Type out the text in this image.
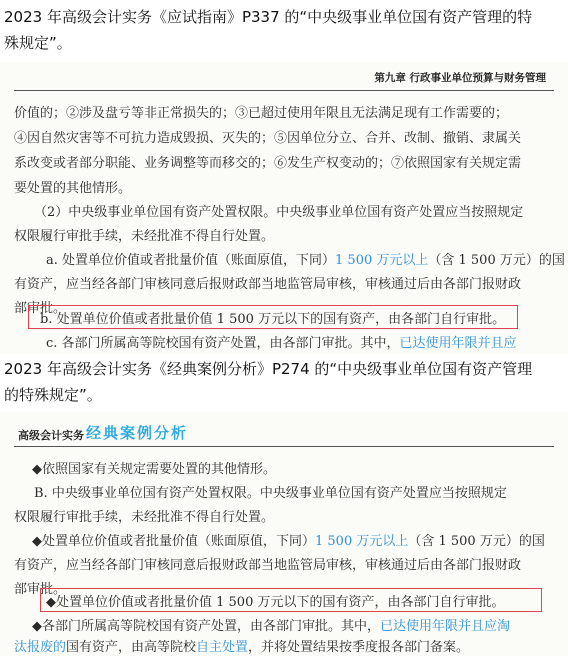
2023 年高级会计实务《应试指南》P337 的“中央级事业单位国有资产管理的特
殊规定”。
第九章 行政事业单位预算与财务管理
价值的；②涉及盘亏等非正常损失的；③已超过使用年限且无法满足现有工作需要的；
④因自然灾害等不可抗力造成毁损、灭失的；⑤因单位分立、合并、改制、撤销、隶属关
系改变或者部分职能、业务调整等而移交的；⑥发生产权变动的；⑦依照国家有关规定需
要处置的其他情形。
（2）中央级事业单位国有资产处置权限。中央级事业单位国有资产处置应当按照规定
权限履行审批手续，未经批准不得自行处置。
a. 处置单位价值或者批量价值（账面原值，下同）1 500 万元以上（含 1 500 万元）的国
有资产，应当经各部门审核同意后报财政部当地监管局审核，审核通过后由各部门报财政
部审批。
b. 处置单位价值或者批量价值 1 500 万元以下的国有资产，由各部门自行审批。
c. 各部门所属高等院校国有资产处置，由各部门审批。其中，已达使用年限并且应
2023 年高级会计实务《经典案例分析》P274 的“中央级事业单位国有资产管理
的特殊规定”。
高级会计实务 经典案例分析
◆依照国家有关规定需要处置的其他情形。
B. 中央级事业单位国有资产处置权限。中央级事业单位国有资产处置应当按照规定
权限履行审批手续，未经批准不得自行处置。
◆处置单位价值或者批量价值（账面原值，下同）1 500 万元以上（含 1 500 万元）的国
有资产，应当经各部门审核同意后报财政部当地监管局审核，审核通过后由各部门报财政
部审批。
◆处置单位价值或者批量价值 1 500 万元以下的国有资产，由各部门自行审批。
◆各部门所属高等院校国有资产处置，由各部门审批。其中，已达使用年限并且应淘
汰报废的国有资产，由高等院校自主处置，并将处置结果按季度报各部门备案。
